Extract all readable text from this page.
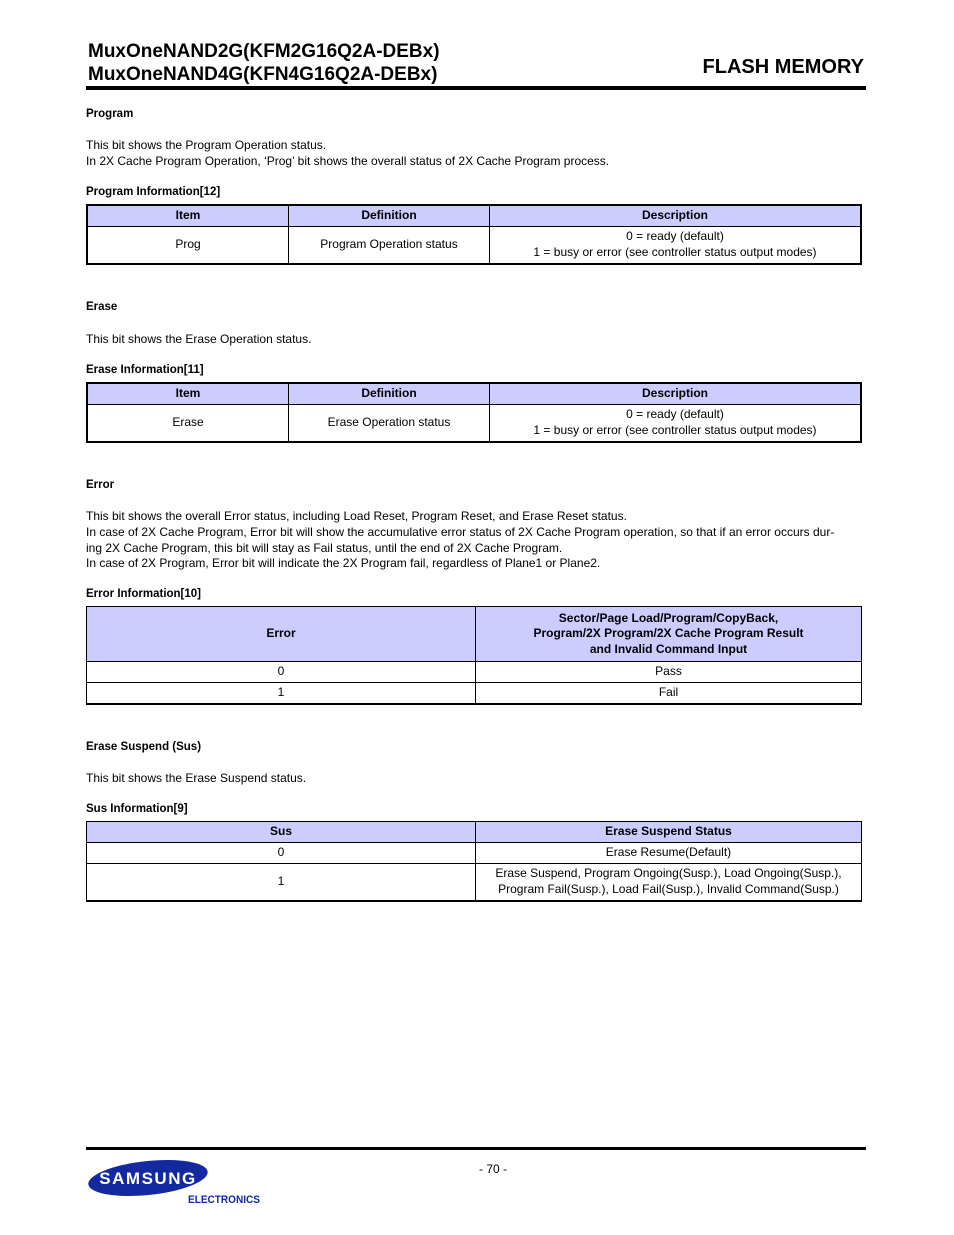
MuxOneNAND2G(KFM2G16Q2A-DEBx)
MuxOneNAND4G(KFN4G16Q2A-DEBx)	FLASH MEMORY
Program

This bit shows the Program Operation status.

In 2X Cache Program Operation, ‘Prog’ bit shows the overall status of 2X Cache Program process.

Program Information[12]
Item	Definition	Description
Prog	Program Operation status	0 = ready (default)
1 = busy or error (see controller status output modes)
Erase

This bit shows the Erase Operation status.

Erase Information[11]
Item	Definition	Description
Erase	Erase Operation status	0 = ready (default)
1 = busy or error (see controller status output modes)
Error

This bit shows the overall Error status, including Load Reset, Program Reset, and Erase Reset status.

In case of 2X Cache Program, Error bit will show the accumulative error status of 2X Cache Program operation, so that if an error occurs dur-

ing 2X Cache Program, this bit will stay as Fail status, until the end of 2X Cache Program.

In case of 2X Program, Error bit will indicate the 2X Program fail, regardless of Plane1 or Plane2.

Error Information[10]
Error	Sector/Page Load/Program/CopyBack,
Program/2X Program/2X Cache Program Result
and Invalid Command Input

0	Pass
1	Fail
Erase Suspend (Sus)

This bit shows the Erase Suspend status.

Sus Information[9]
Sus	Erase Suspend Status
0	Erase Resume(Default)
1	Erase Suspend, Program Ongoing(Susp.), Load Ongoing(Susp.),
Program Fail(Susp.), Load Fail(Susp.), Invalid Command(Susp.)
- 70 -
SAMSUNG
ELECTRONICS
